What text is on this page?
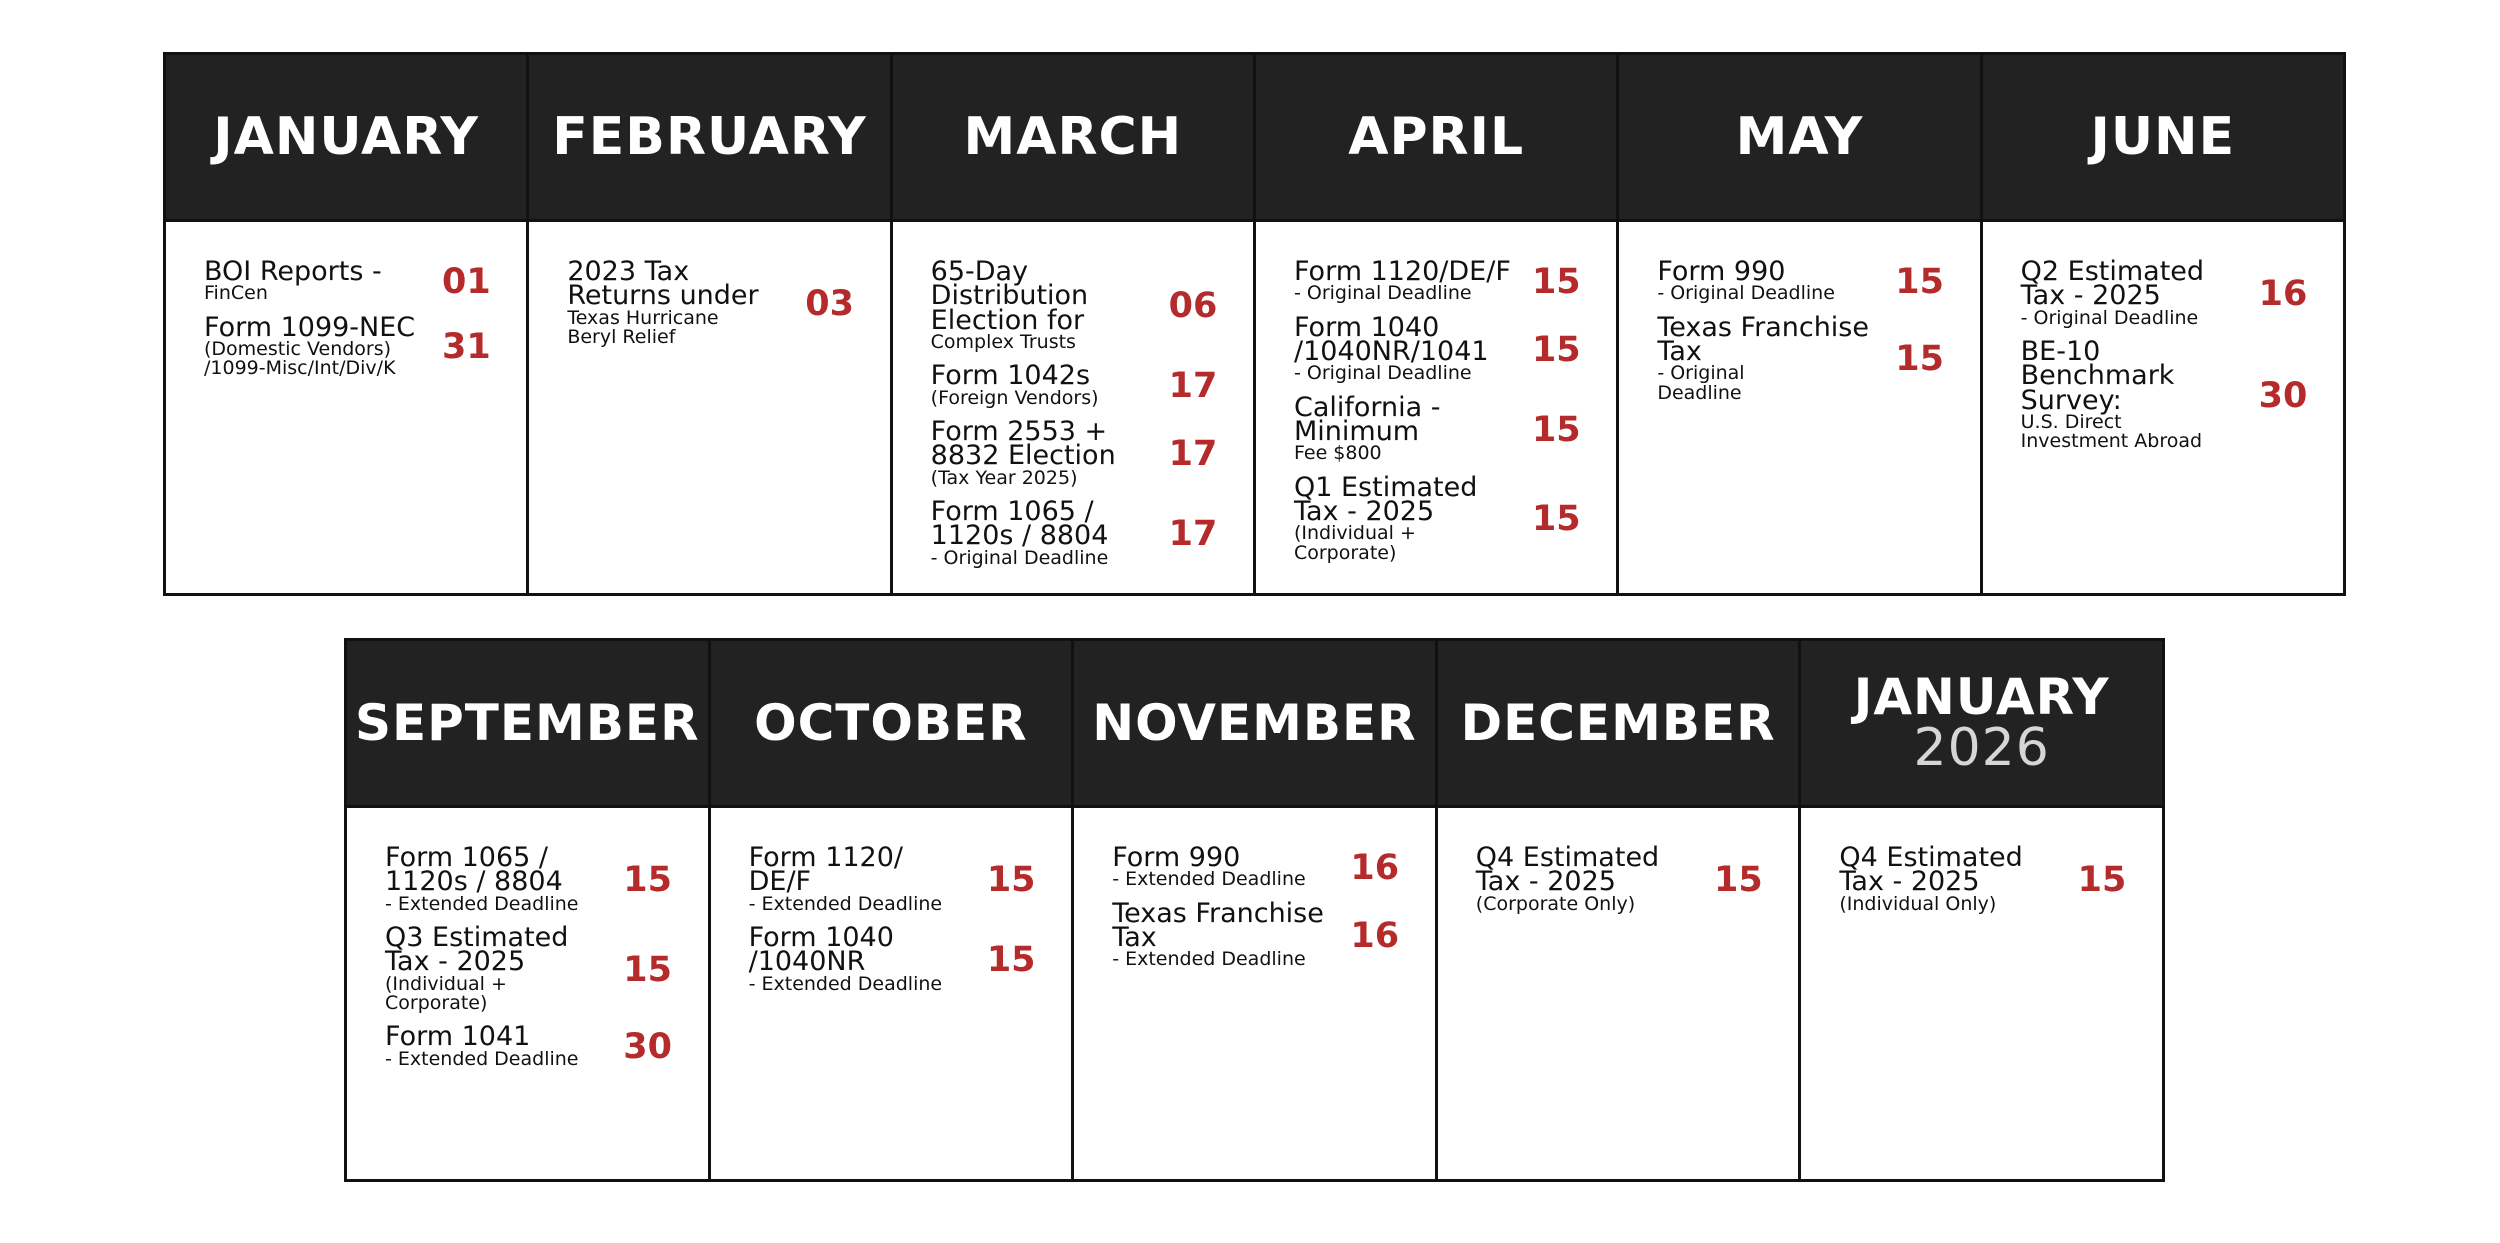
JANUARY
BOI Reports -
FinCen	01
Form 1099-NEC
(Domestic Vendors)
/1099-Misc/Int/Div/K
31
FEBRUARY
2023 Tax
Returns under
Texas Hurricane
Beryl Relief
03
MARCH
65-Day
Distribution
Election for
Complex Trusts
06
Form 1042s
(Foreign Vendors) 17
Form 2553 +
8832 Election
(Tax Year 2025)
17
Form 1065 /
1120s / 8804
- Original Deadline
17
APRIL
Form 1120/DE/F
- Original Deadline	15
Form 1040
/1040NR/1041
- Original Deadline
15
California -
Minimum
Fee $800
15
Q1 Estimated
Tax - 2025
(Individual +
Corporate)
15
MAY
Form 990
- Original Deadline 15
Texas Franchise
Tax
- Original
Deadline
15
JUNE
Q2 Estimated
Tax - 2025
- Original Deadline
16
BE-10
Benchmark
Survey:
U.S. Direct
Investment Abroad
30
SEPTEMBER
Form 1065 /
1120s / 8804
- Extended Deadline
15
Q3 Estimated
Tax - 2025
(Individual +
Corporate)
15
Form 1041
- Extended Deadline 30
OCTOBER
Form 1120/
DE/F
- Extended Deadline
15
Form 1040
/1040NR
- Extended Deadline
15
NOVEMBER
Form 990
- Extended Deadline 16
Texas Franchise
Tax
- Extended Deadline
16
DECEMBER
Q4 Estimated
Tax - 2025
(Corporate Only)
15
JANUARY
2026
Q4 Estimated
Tax - 2025
(Individual Only)
15
